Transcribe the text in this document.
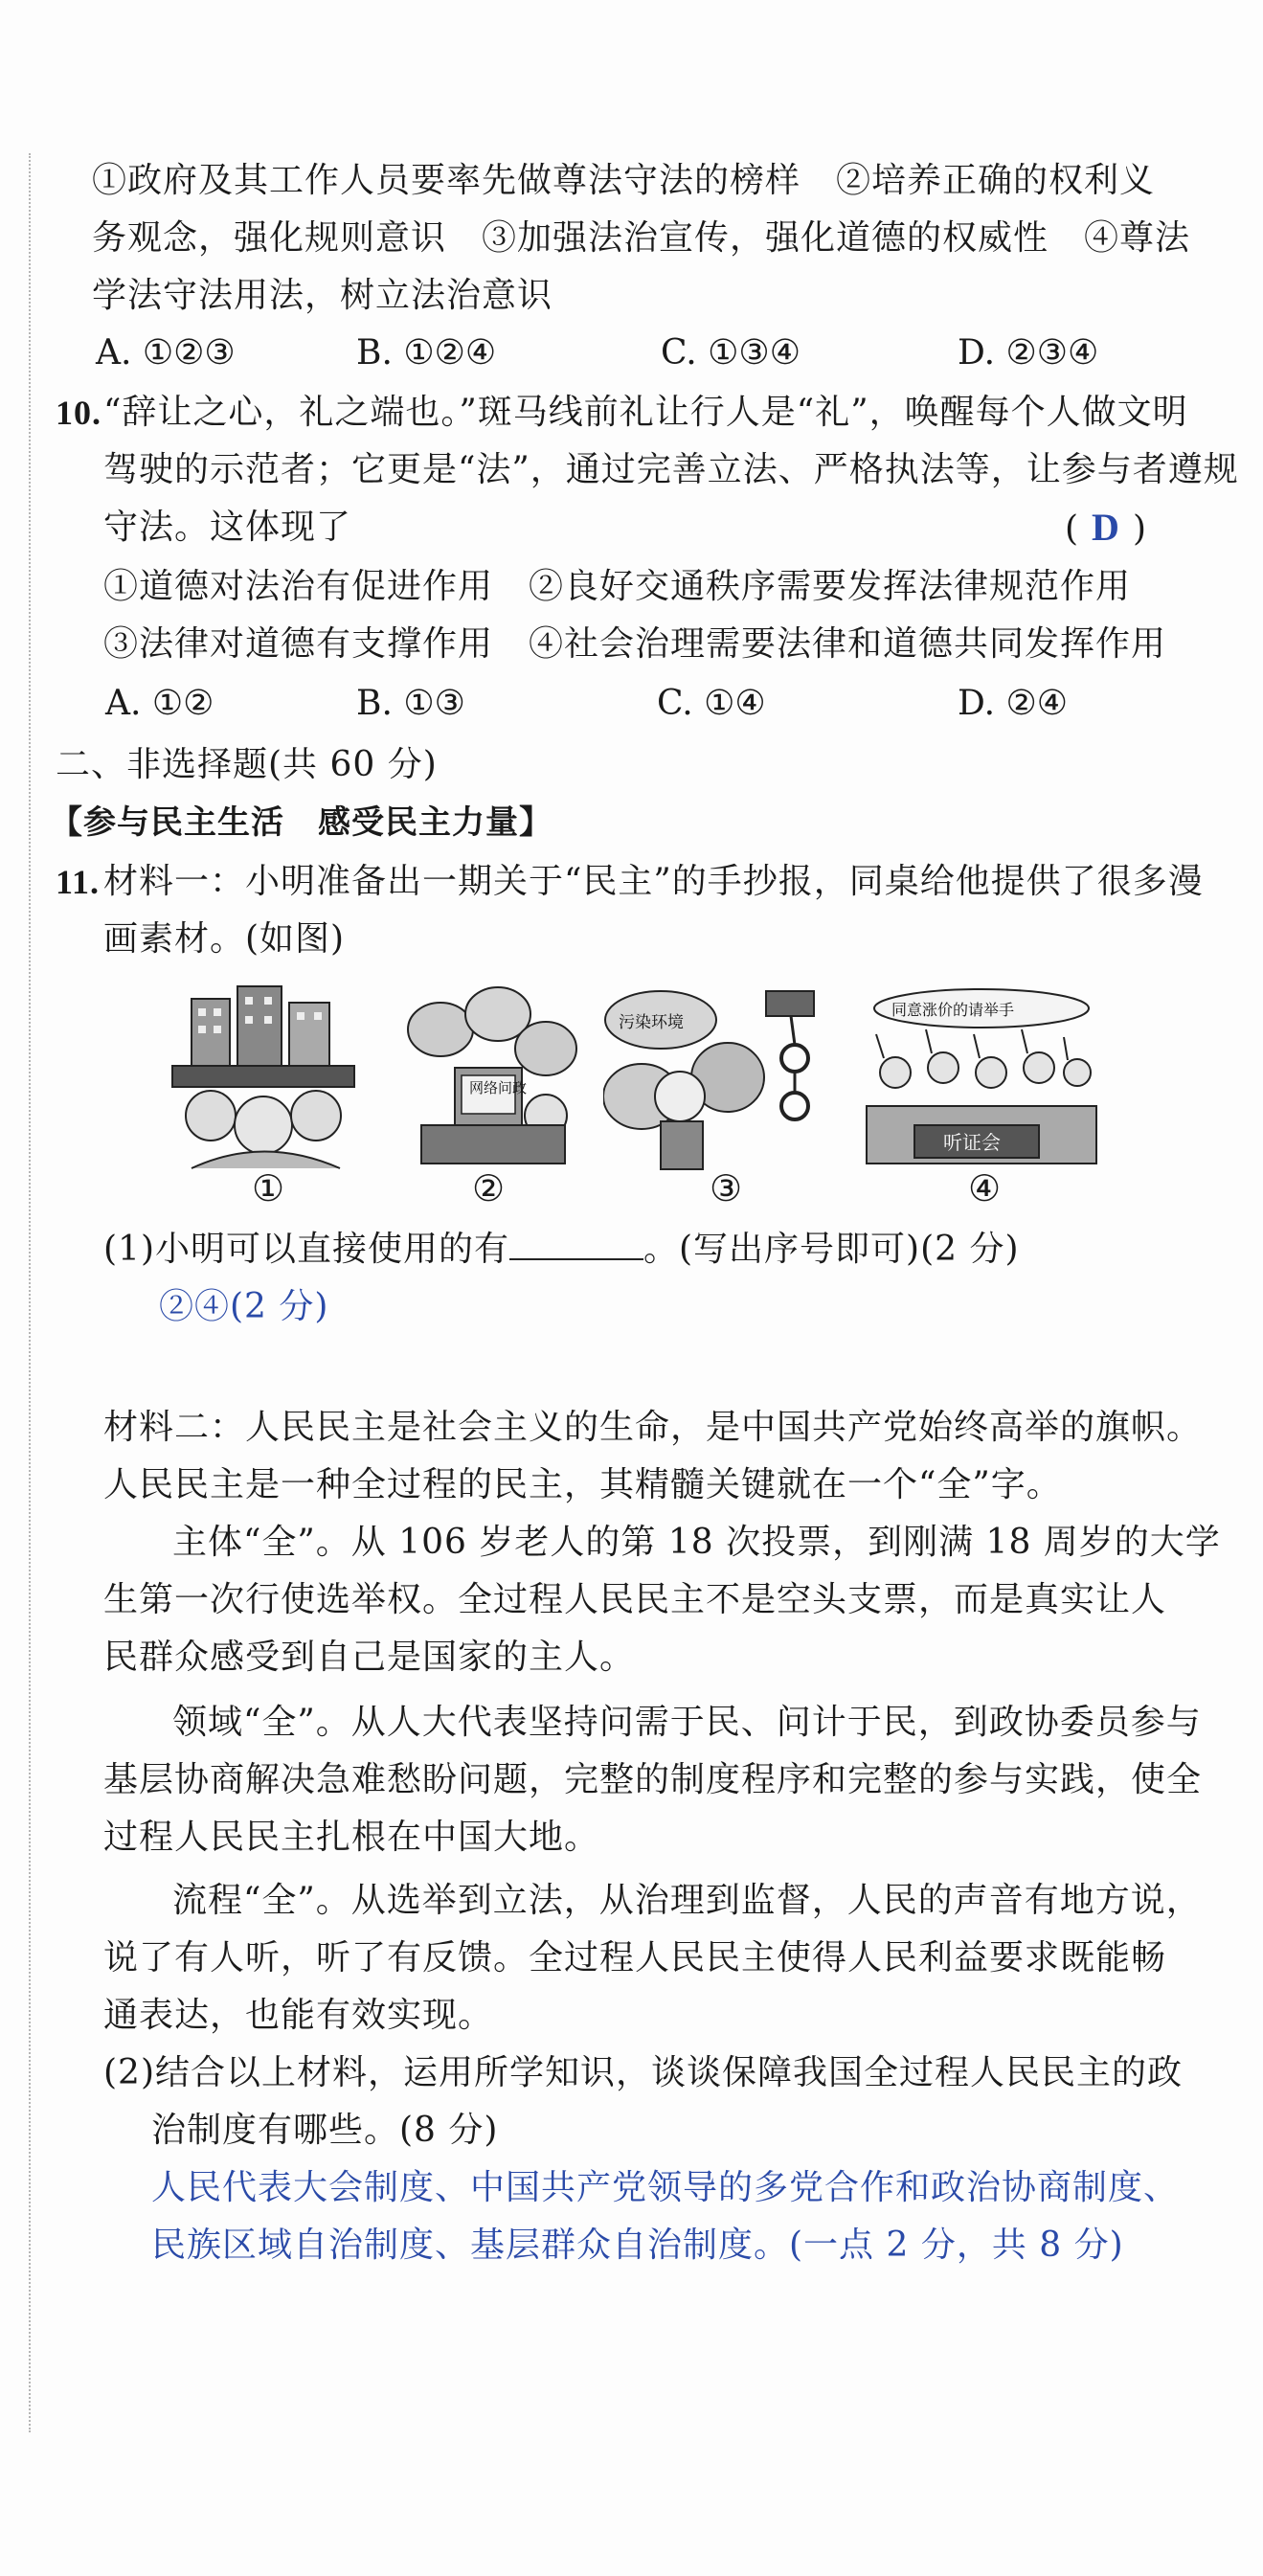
①政府及其工作人员要率先做尊法守法的榜样　②培养正确的权利义
务观念，强化规则意识　③加强法治宣传，强化道德的权威性　④尊法
学法守法用法，树立法治意识
A. ①②③	B. ①②④	C. ①③④	D. ②③④
10. “辞让之心，礼之端也。”斑马线前礼让行人是“礼”，唤醒每个人做文明
驾驶的示范者；它更是“法”，通过完善立法、严格执法等，让参与者遵规
守法。这体现了	( D )
①道德对法治有促进作用　②良好交通秩序需要发挥法律规范作用
③法律对道德有支撑作用　④社会治理需要法律和道德共同发挥作用
A. ①②	B. ①③	C. ①④	D. ②④
二、非选择题(共 60 分)
【参与民主生活　感受民主力量】
11. 材料一：小明准备出一期关于“民主”的手抄报，同桌给他提供了很多漫
画素材。(如图)
网络问政
污染环境
同意涨价的请举手
听证会
①	②	③	④
(1)小明可以直接使用的有	。(写出序号即可)(2 分)
②④(2 分)
材料二：人民民主是社会主义的生命，是中国共产党始终高举的旗帜。
人民民主是一种全过程的民主，其精髓关键就在一个“全”字。
主体“全”。从 106 岁老人的第 18 次投票，到刚满 18 周岁的大学
生第一次行使选举权。全过程人民民主不是空头支票，而是真实让人
民群众感受到自己是国家的主人。
领域“全”。从人大代表坚持问需于民、问计于民，到政协委员参与
基层协商解决急难愁盼问题，完整的制度程序和完整的参与实践，使全
过程人民民主扎根在中国大地。
流程“全”。从选举到立法，从治理到监督，人民的声音有地方说，
说了有人听，听了有反馈。全过程人民民主使得人民利益要求既能畅
通表达，也能有效实现。
(2)结合以上材料，运用所学知识，谈谈保障我国全过程人民民主的政
治制度有哪些。(8 分)
人民代表大会制度、中国共产党领导的多党合作和政治协商制度、
民族区域自治制度、基层群众自治制度。(一点 2 分，共 8 分)
